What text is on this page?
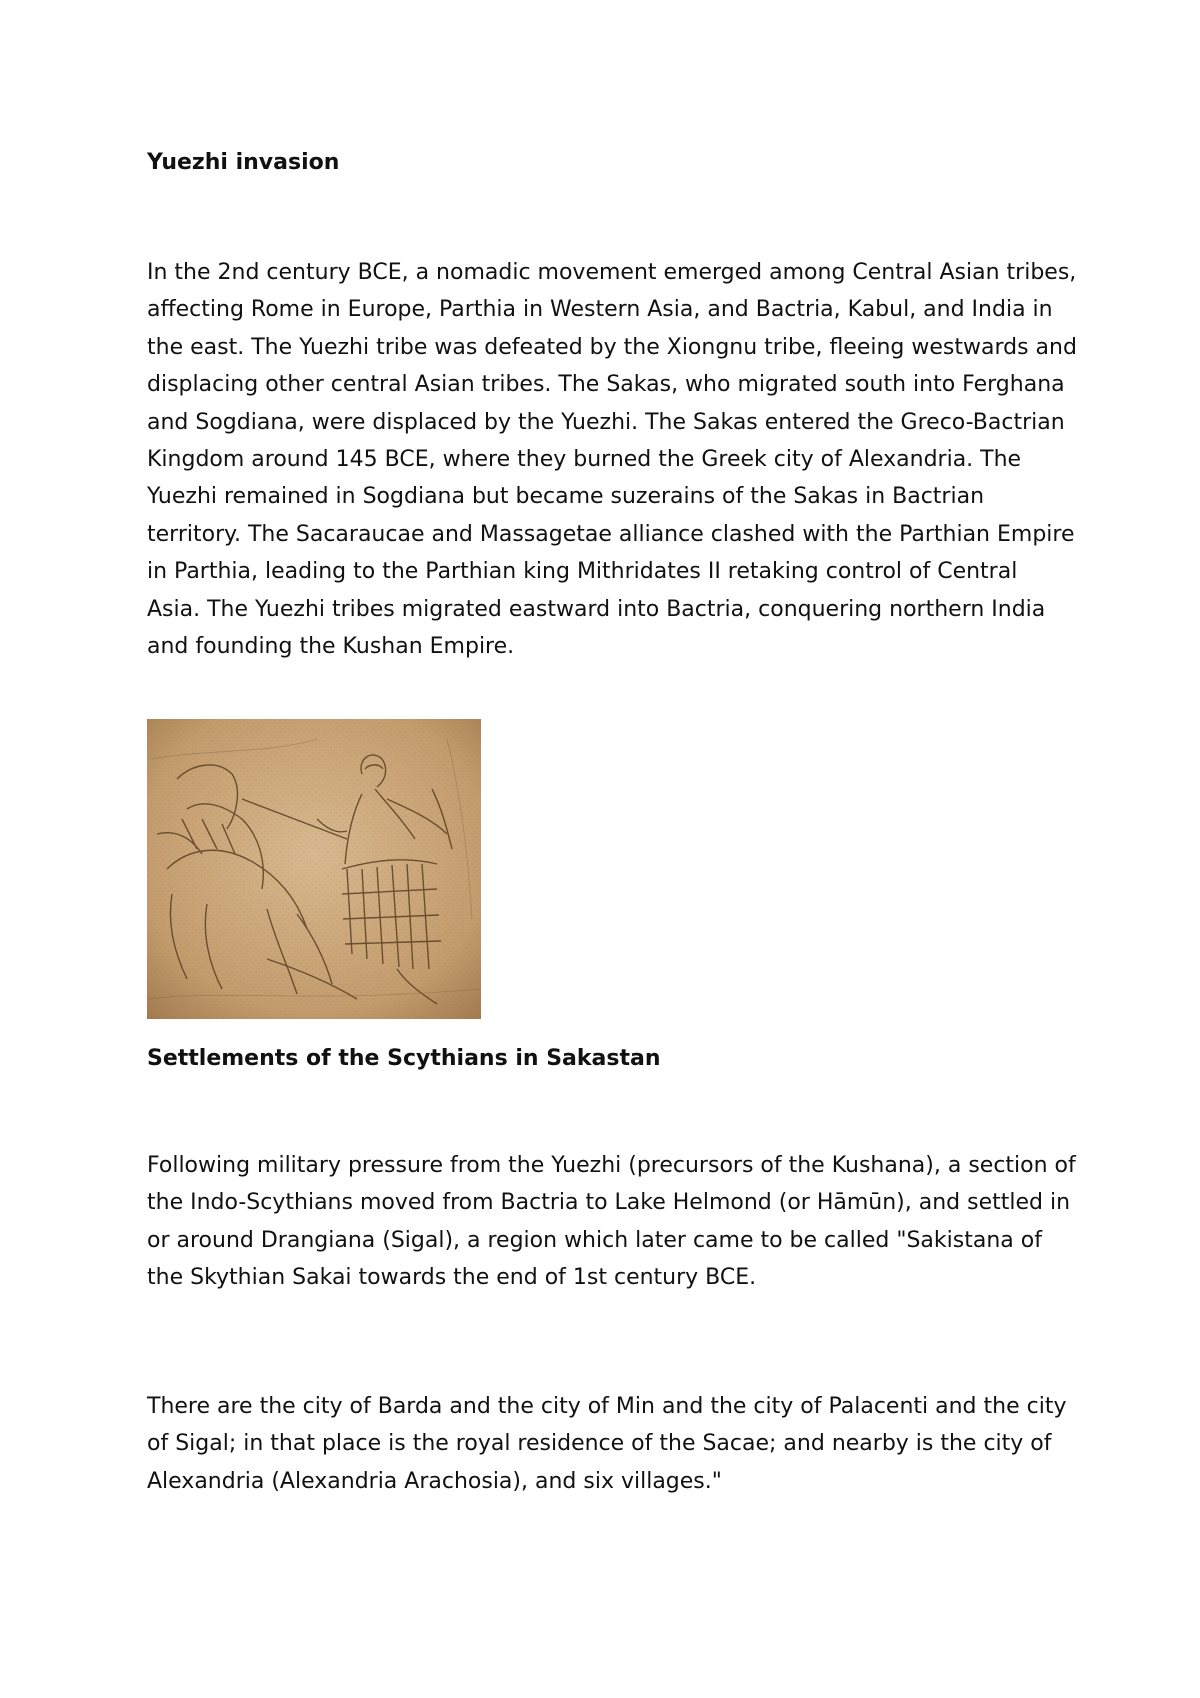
Yuezhi invasion

In the 2nd century BCE, a nomadic movement emerged among Central Asian tribes, affecting Rome in Europe, Parthia in Western Asia, and Bactria, Kabul, and India in the east. The Yuezhi tribe was defeated by the Xiongnu tribe, fleeing westwards and displacing other central Asian tribes. The Sakas, who migrated south into Ferghana and Sogdiana, were displaced by the Yuezhi. The Sakas entered the Greco-Bactrian Kingdom around 145 BCE, where they burned the Greek city of Alexandria. The Yuezhi remained in Sogdiana but became suzerains of the Sakas in Bactrian territory. The Sacaraucae and Massagetae alliance clashed with the Parthian Empire in Parthia, leading to the Parthian king Mithridates II retaking control of Central Asia. The Yuezhi tribes migrated eastward into Bactria, conquering northern India and founding the Kushan Empire.

Settlements of the Scythians in Sakastan

Following military pressure from the Yuezhi (precursors of the Kushana), a section of the Indo-Scythians moved from Bactria to Lake Helmond (or Hāmūn), and settled in or around Drangiana (Sigal), a region which later came to be called "Sakistana of the Skythian Sakai towards the end of 1st century BCE.

There are the city of Barda and the city of Min and the city of Palacenti and the city of Sigal; in that place is the royal residence of the Sacae; and nearby is the city of Alexandria (Alexandria Arachosia), and six villages."
